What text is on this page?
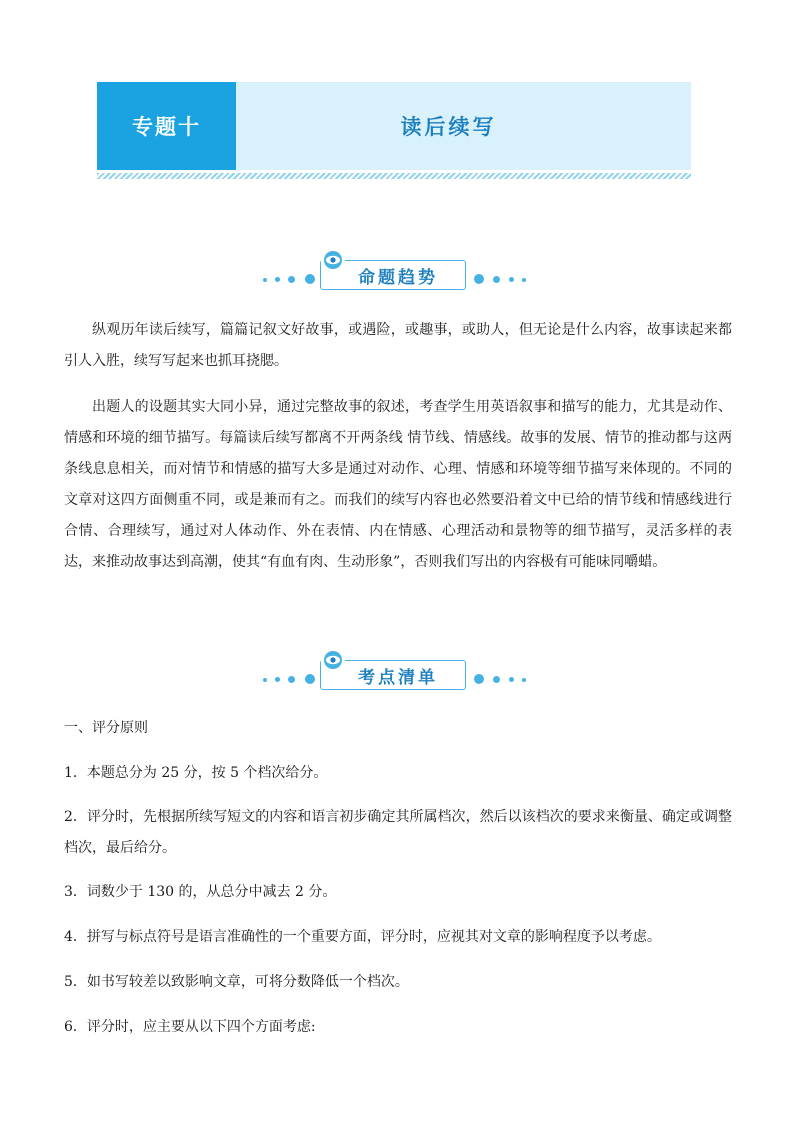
专题十	读后续写
命题趋势
纵观历年读后续写，篇篇记叙文好故事，或遇险，或趣事，或助人，但无论是什么内容，故事读起来都引人入胜，续写写起来也抓耳挠腮。
出题人的设题其实大同小异，通过完整故事的叙述，考查学生用英语叙事和描写的能力，尤其是动作、情感和环境的细节描写。每篇读后续写都离不开两条线 情节线、情感线。故事的发展、情节的推动都与这两条线息息相关，而对情节和情感的描写大多是通过对动作、心理、情感和环境等细节描写来体现的。不同的文章对这四方面侧重不同，或是兼而有之。而我们的续写内容也必然要沿着文中已给的情节线和情感线进行合情、合理续写，通过对人体动作、外在表情、内在情感、心理活动和景物等的细节描写，灵活多样的表达，来推动故事达到高潮，使其“有血有肉、生动形象”，否则我们写出的内容极有可能味同嚼蜡。
考点清单
一、评分原则
1．本题总分为 25 分，按 5 个档次给分。
2．评分时，先根据所续写短文的内容和语言初步确定其所属档次，然后以该档次的要求来衡量、确定或调整档次，最后给分。
3．词数少于 130 的，从总分中减去 2 分。
4．拼写与标点符号是语言准确性的一个重要方面，评分时，应视其对文章的影响程度予以考虑。
5．如书写较差以致影响文章，可将分数降低一个档次。
6．评分时，应主要从以下四个方面考虑:
